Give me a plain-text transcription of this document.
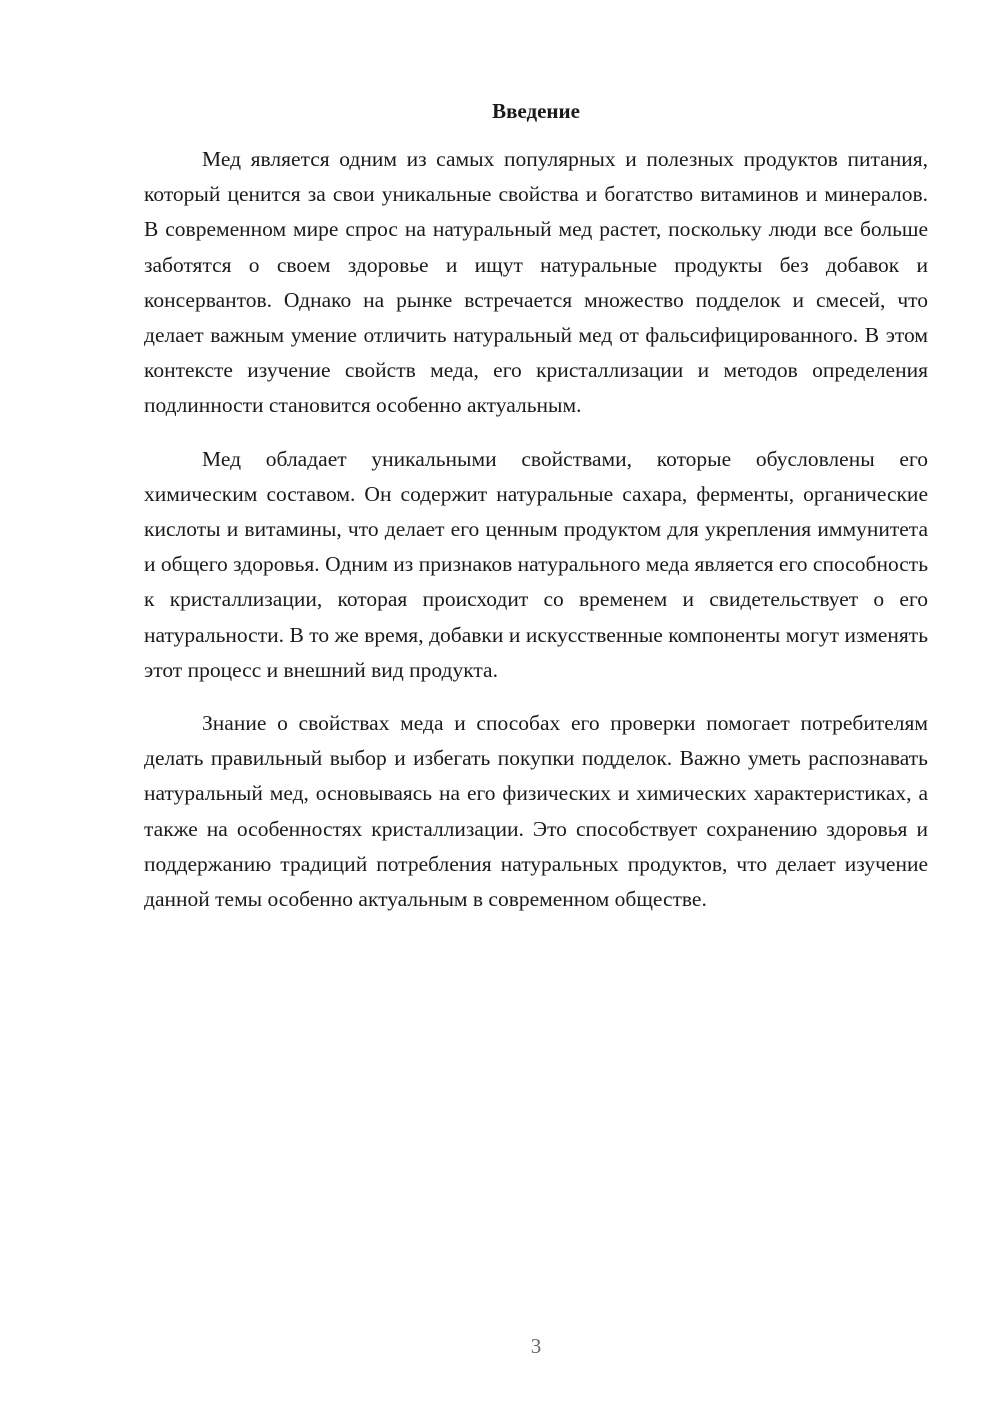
Введение

Мед является одним из самых популярных и полезных продуктов питания, который ценится за свои уникальные свойства и богатство витаминов и минералов. В современном мире спрос на натуральный мед растет, поскольку люди все больше заботятся о своем здоровье и ищут натуральные продукты без добавок и консервантов. Однако на рынке встречается множество подделок и смесей, что делает важным умение отличить натуральный мед от фальсифицированного. В этом контексте изучение свойств меда, его кристаллизации и методов определения подлинности становится особенно актуальным.

Мед обладает уникальными свойствами, которые обусловлены его химическим составом. Он содержит натуральные сахара, ферменты, органические кислоты и витамины, что делает его ценным продуктом для укрепления иммунитета и общего здоровья. Одним из признаков натурального меда является его способность к кристаллизации, которая происходит со временем и свидетельствует о его натуральности. В то же время, добавки и искусственные компоненты могут изменять этот процесс и внешний вид продукта.

Знание о свойствах меда и способах его проверки помогает потребителям делать правильный выбор и избегать покупки подделок. Важно уметь распознавать натуральный мед, основываясь на его физических и химических характеристиках, а также на особенностях кристаллизации. Это способствует сохранению здоровья и поддержанию традиций потребления натуральных продуктов, что делает изучение данной темы особенно актуальным в современном обществе.

3
